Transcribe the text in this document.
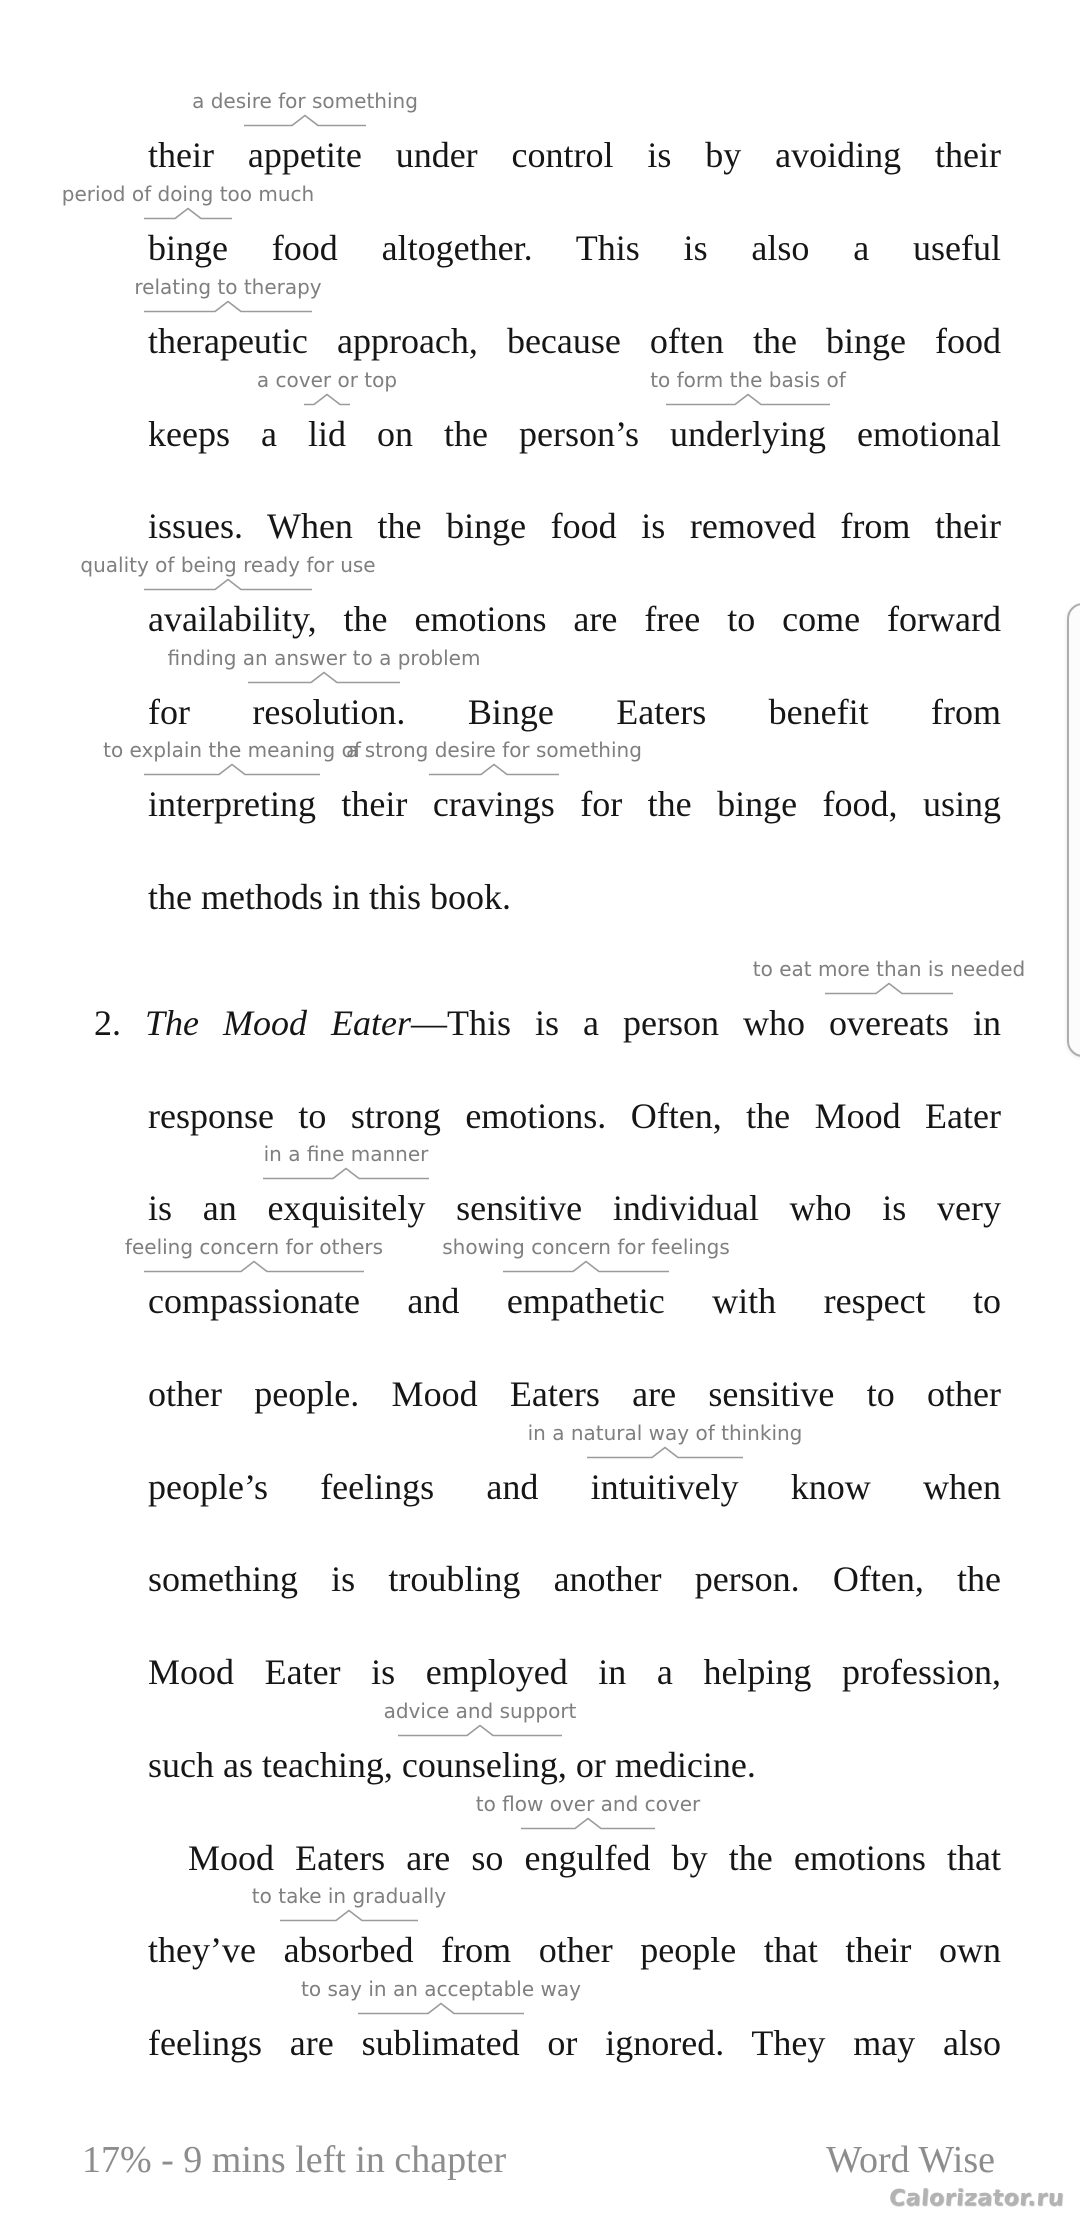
their appetite under control is by avoiding their
binge food altogether. This is also a useful
therapeutic approach, because often the binge food
keeps a lid on the person’s underlying emotional
issues. When the binge food is removed from their
availability, the emotions are free to come forward
for resolution. Binge Eaters benefit from
interpreting their cravings for the binge food, using
the methods in this book.
2. The Mood Eater—This is a person who overeats in
response to strong emotions. Often, the Mood Eater
is an exquisitely sensitive individual who is very
compassionate and empathetic with respect to
other people. Mood Eaters are sensitive to other
people’s feelings and intuitively know when
something is troubling another person. Often, the
Mood Eater is employed in a helping profession,
such as teaching, counseling, or medicine.
Mood Eaters are so engulfed by the emotions that
they’ve absorbed from other people that their own
feelings are sublimated or ignored. They may also
17% - 9 mins left in chapter	Word Wise
Calorizator.ru
a desire for something
period of doing too much
relating to therapy
a cover or top	to form the basis of
quality of being ready for use
finding an answer to a problem
to explain the meaning of
a strong desire for something
to eat more than is needed
in a fine manner
feeling concern for others	showing concern for feelings
in a natural way of thinking
advice and support
to flow over and cover
to take in gradually
to say in an acceptable way
